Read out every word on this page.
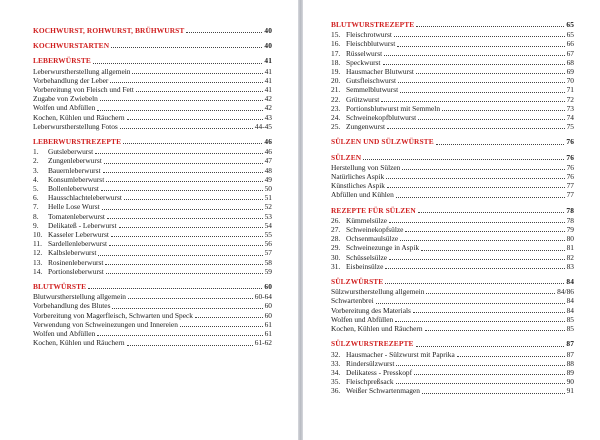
KOCHWURST, ROHWURST, BRÜHWURST	40
KOCHWURSTARTEN	40
LEBERWÜRSTE	41
Leberwurstherstellung allgemein	41
Vorbehandlung der Leber	41
Vorbereitung von Fleisch und Fett	41
Zugabe von Zwiebeln	42
Wolfen und Abfüllen	42
Kochen, Kühlen und Räuchern	43
Leberwurstherstellung Fotos	44-45
LEBERWURSTREZEPTE	46
1.	Gutsleberwurst	46
2.	Zungenleberwurst	47
3.	Bauernleberwurst	48
4.	Konsumleberwurst	49
5.	Bollenleberwurst	50
6.	Hausschlachteleberwurst	51
7.	Helle Lose Wurst	52
8.	Tomatenleberwurst	53
9.	Delikateß - Leberwurst	54
10. Kasseler Leberwurst	55
11. Sardellenleberwurst	56
12. Kalbsleberwurst	57
13. Rosinenleberwurst	58
14. Portionsleberwurst	59
BLUTWÜRSTE	60
Blutwurstherstellung allgemein	60-64
Vorbehandlung des Blutes	60
Vorbereitung von Magerfleisch, Schwarten und Speck	60
Verwendung von Schweinezungen und Innereien	61
Wolfen und Abfüllen	61
Kochen, Kühlen und Räuchern	61-62
BLUTWURSTREZEPTE	65
15. Fleischrotwurst	65
16. Fleischblutwurst	66
17. Rüsselwurst	67
18. Speckwurst	68
19. Hausmacher Blutwurst	69
20. Gutsfleischwurst	70
21. Semmelblutwurst	71
22. Grützwurst	72
23. Portionsblutwurst mit Semmeln	73
24. Schweinekopfblutwurst	74
25. Zungenwurst	75
SÜLZEN UND SÜLZWÜRSTE	76
SÜLZEN	76
Herstellung von Sülzen	76
Natürliches Aspik	76
Künstliches Aspik	77
Abfüllen und Kühlen	77
REZEPTE FÜR SÜLZEN	78
26. Kümmelsülze	78
27. Schweinekopfsülze	79
28. Ochsenmaulsülze	80
29. Schweinezunge in Aspik	81
30. Schüsselsülze	82
31. Eisbeinsülze	83
SÜLZWÜRSTE	84
Sülzwurstherstellung allgemein	84/86
Schwartenbrei	84
Vorbereitung des Materials	84
Wolfen und Abfüllen	85
Kochen, Kühlen und Räuchern	85
SÜLZWURSTREZEPTE	87
32. Hausmacher - Sülzwurst mit Paprika	87
33. Rindersülzwurst	88
34. Delikatess - Presskopf	89
35. Fleischpreßsack	90
36. Weißer Schwartenmagen	91
